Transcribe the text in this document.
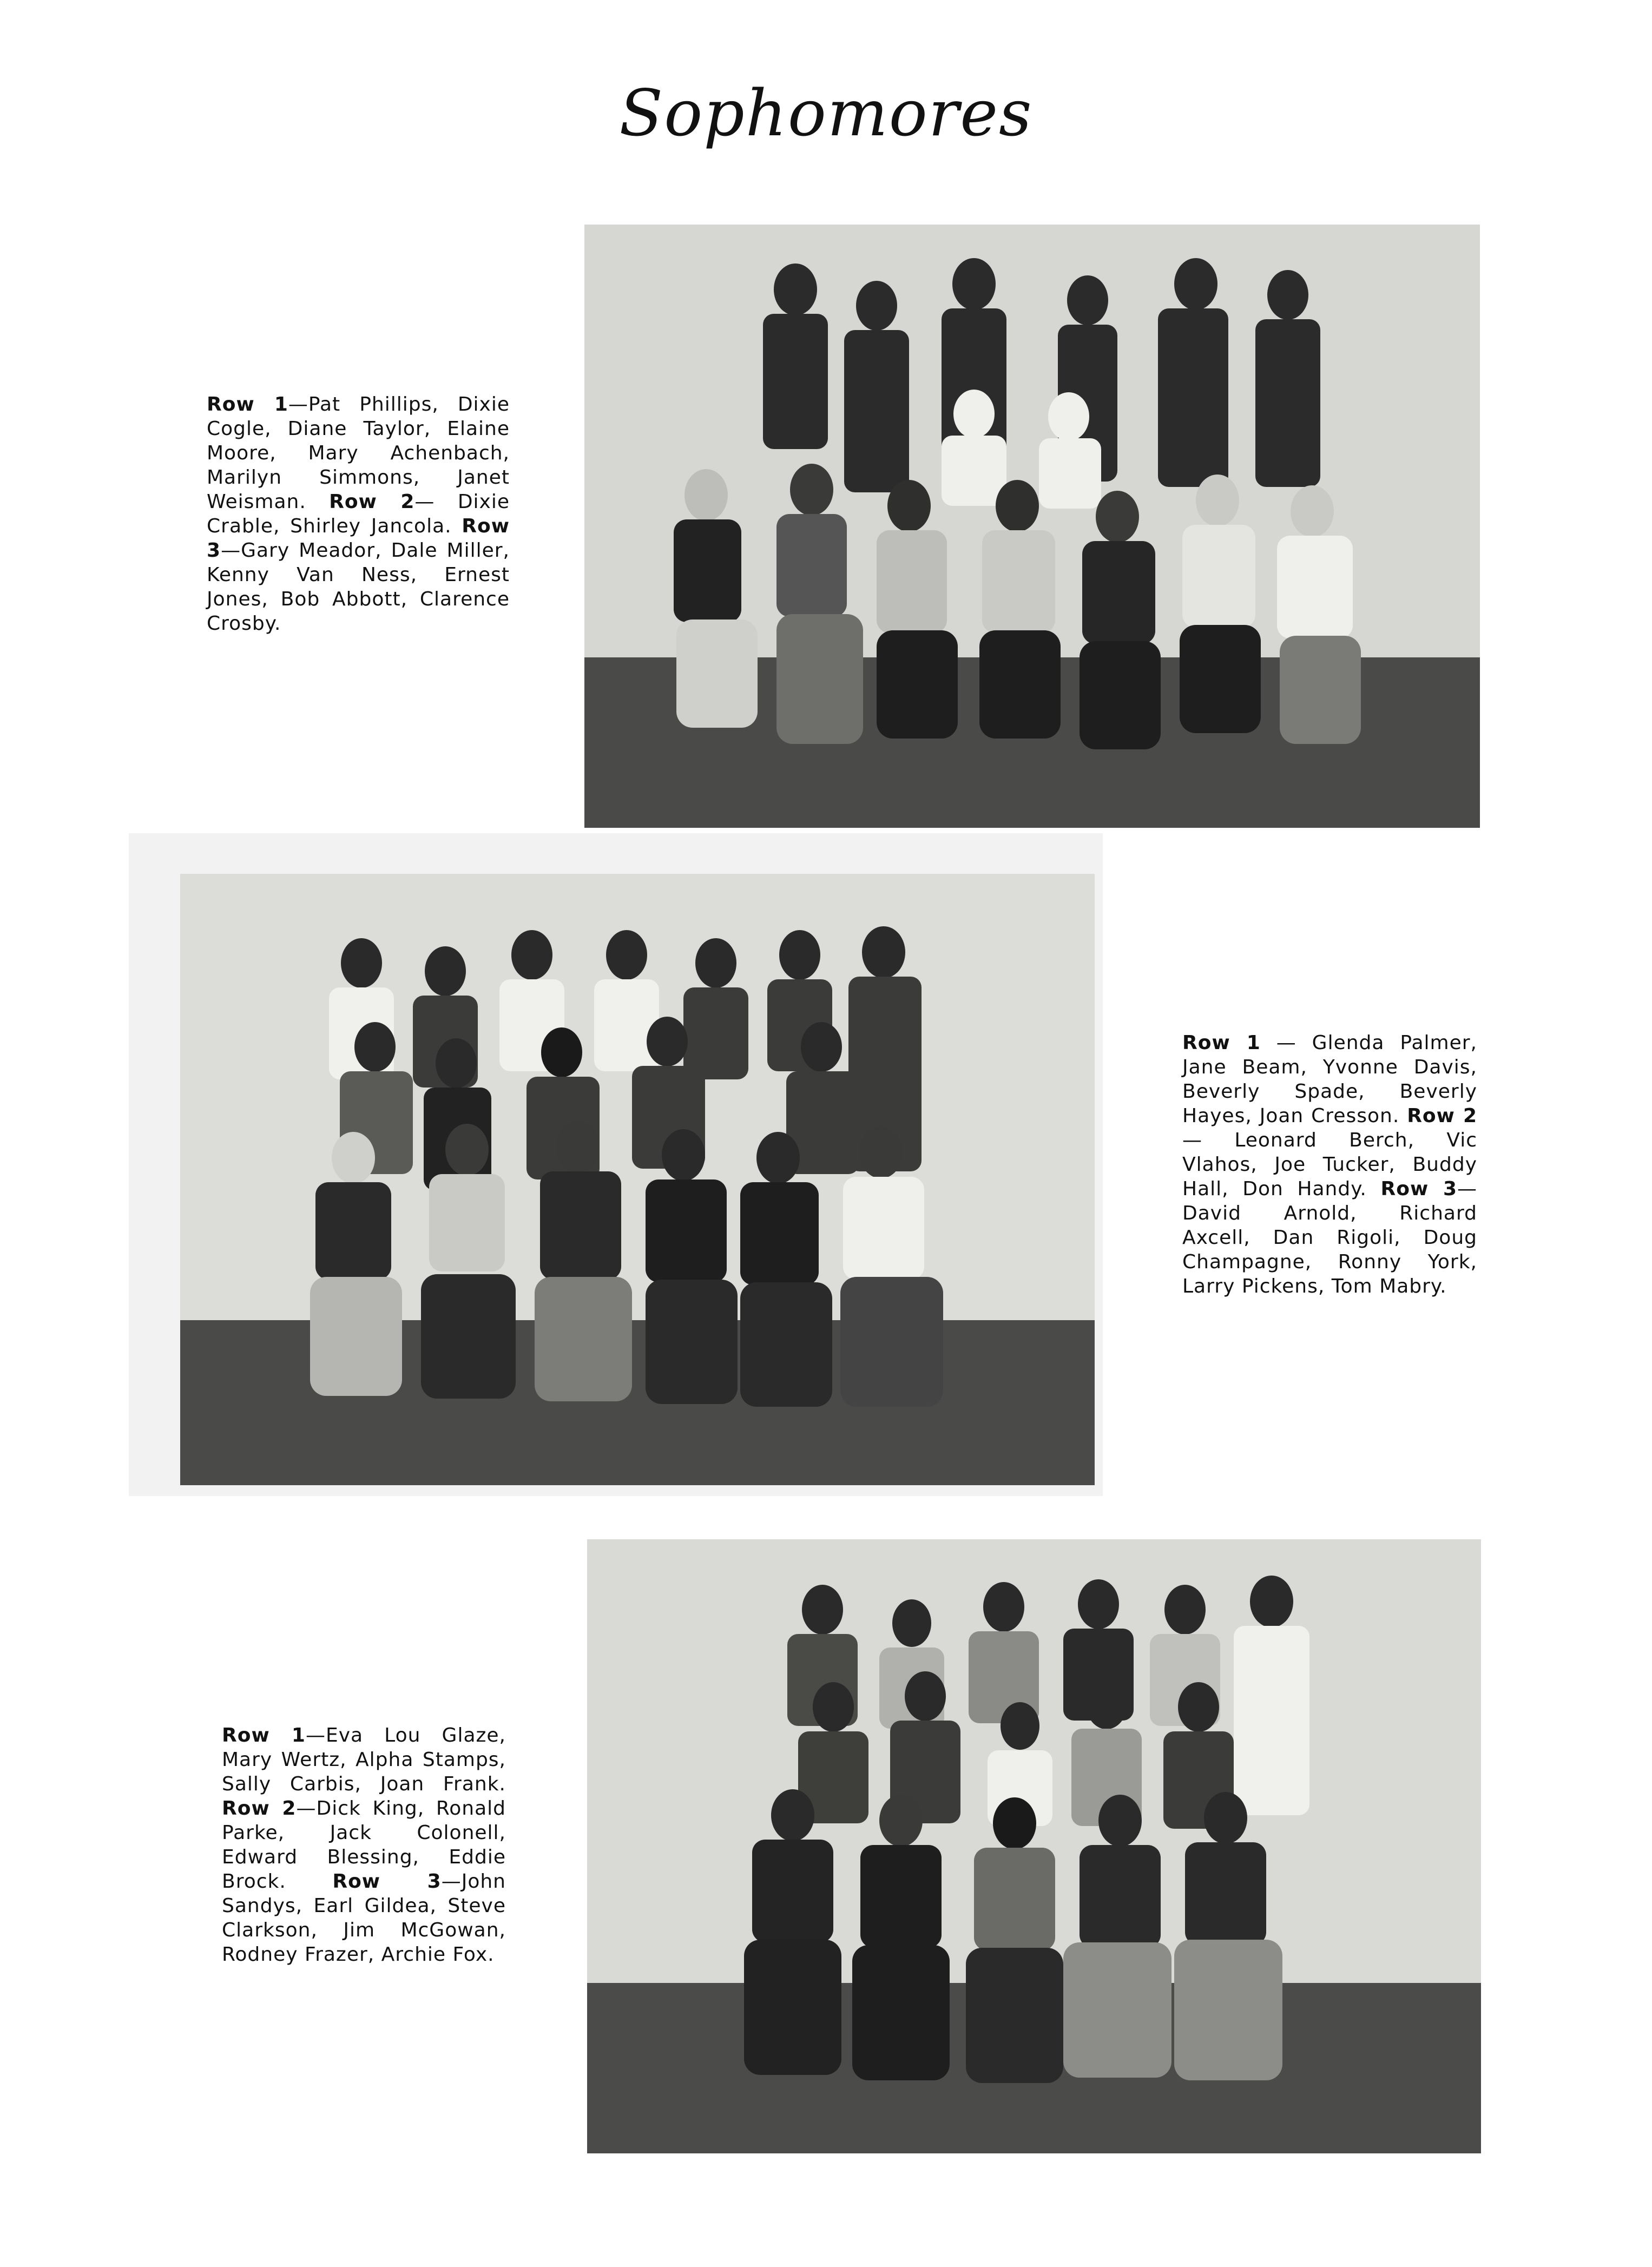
Sophomores
Row 1—Pat Phillips, Dixie Cogle, Diane Taylor, Elaine Moore, Mary Achenbach, Marilyn Simmons, Janet Weisman. Row 2— Dixie Crable, Shirley Jancola. Row 3—Gary Meador, Dale Miller, Kenny Van Ness, Ernest Jones, Bob Abbott, Clarence Crosby.
Row 1 — Glenda Palmer, Jane Beam, Yvonne Davis, Beverly Spade, Beverly Hayes, Joan Cresson. Row 2 — Leonard Berch, Vic Vlahos, Joe Tucker, Buddy Hall, Don Handy. Row 3— David Arnold, Richard Axcell, Dan Rigoli, Doug Champagne, Ronny York, Larry Pickens, Tom Mabry.
Row 1—Eva Lou Glaze, Mary Wertz, Alpha Stamps, Sally Carbis, Joan Frank. Row 2—Dick King, Ronald Parke, Jack Colonell, Edward Blessing, Eddie Brock. Row 3—John Sandys, Earl Gildea, Steve Clarkson, Jim McGowan, Rodney Frazer, Archie Fox.
